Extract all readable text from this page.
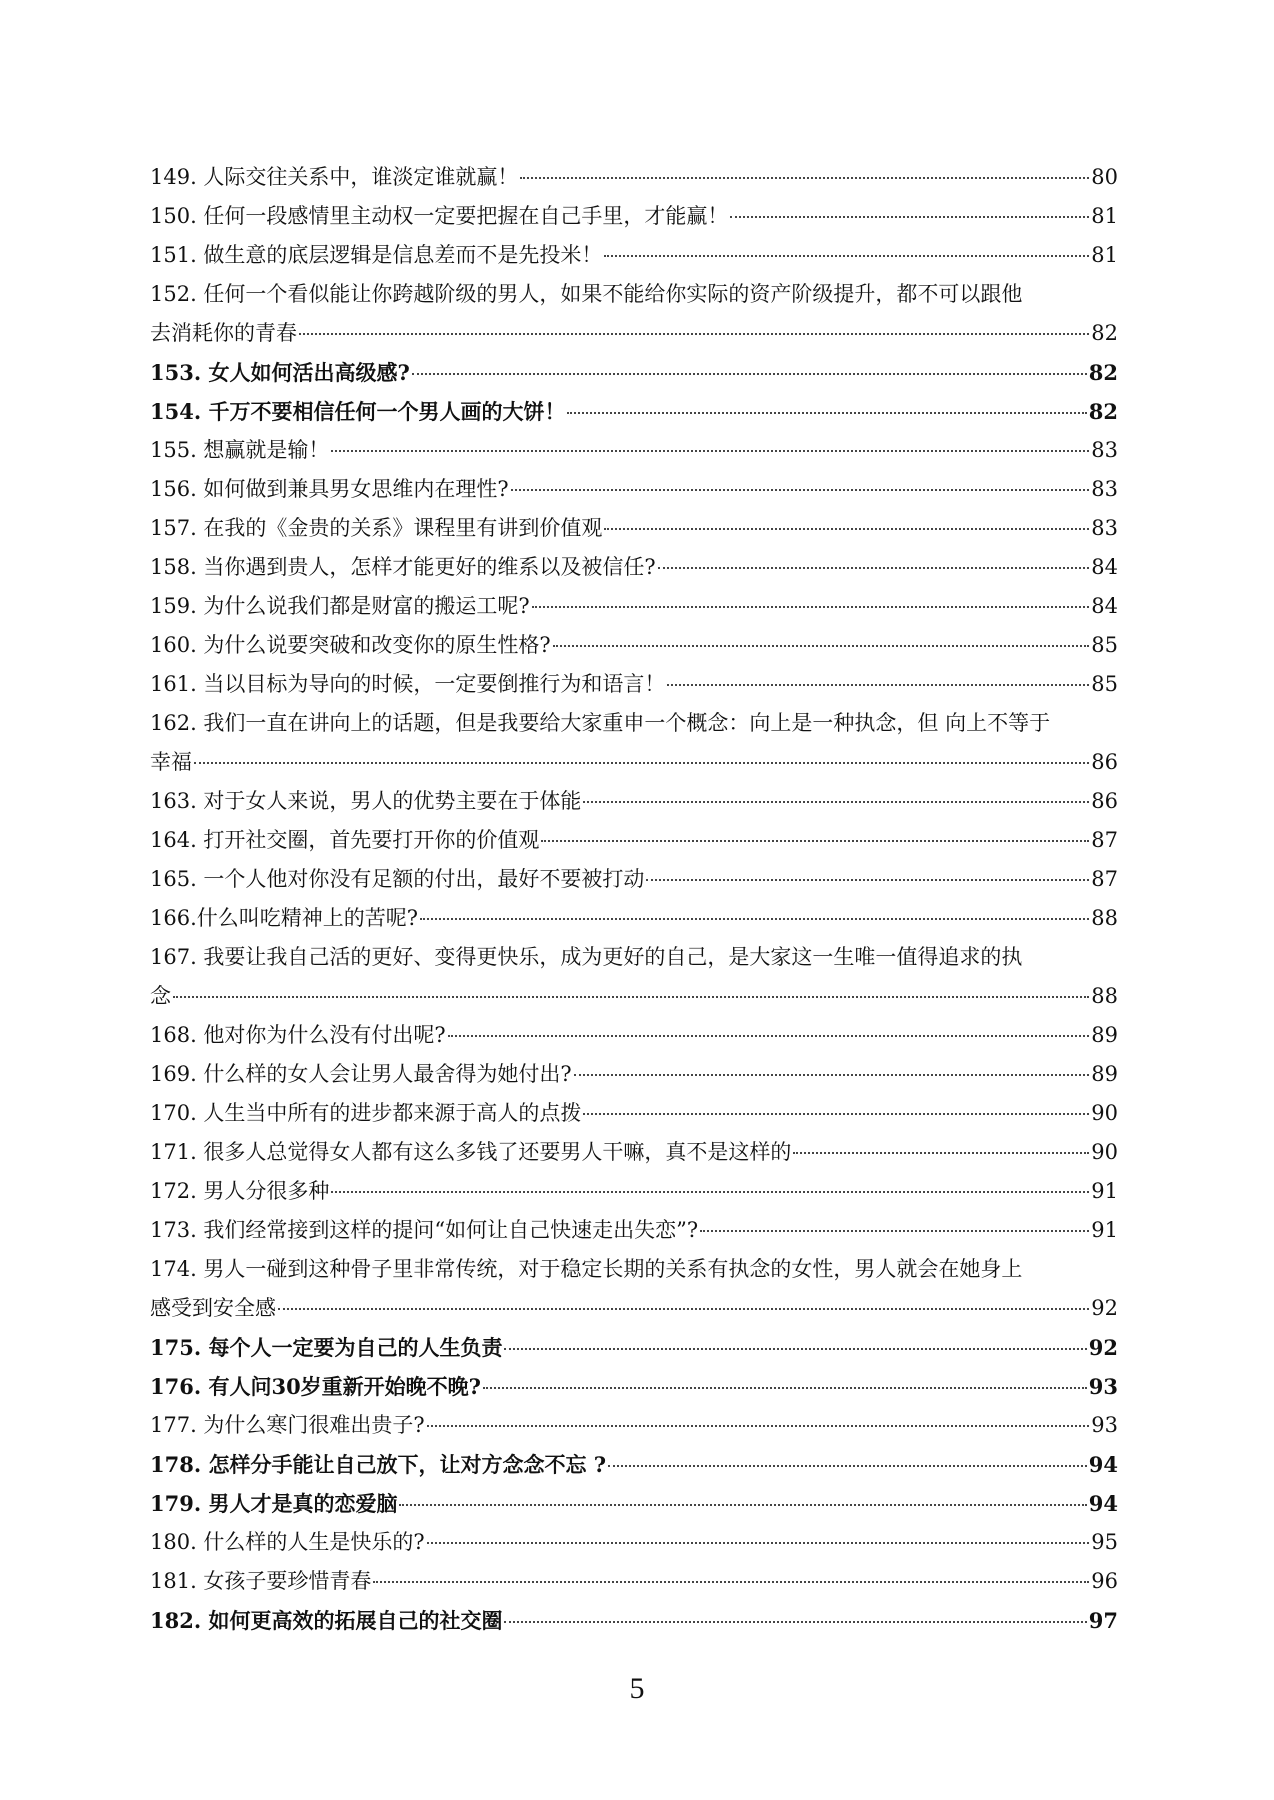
149. 人际交往关系中，谁淡定谁就赢！	80
150. 任何一段感情里主动权一定要把握在自己手里，才能赢！	81
151. 做生意的底层逻辑是信息差而不是先投米！	81
152. 任何一个看似能让你跨越阶级的男人，如果不能给你实际的资产阶级提升，都不可以跟他
去消耗你的青春	82
153. 女人如何活出高级感?	82
154. 千万不要相信任何一个男人画的大饼！	82
155. 想赢就是输！	83
156. 如何做到兼具男女思维内在理性?	83
157. 在我的《金贵的关系》课程里有讲到价值观	83
158. 当你遇到贵人，怎样才能更好的维系以及被信任?	84
159. 为什么说我们都是财富的搬运工呢?	84
160. 为什么说要突破和改变你的原生性格?	85
161. 当以目标为导向的时候，一定要倒推行为和语言！	85
162. 我们一直在讲向上的话题，但是我要给大家重申一个概念：向上是一种执念，但 向上不等于
幸福	86
163. 对于女人来说，男人的优势主要在于体能	86
164. 打开社交圈，首先要打开你的价值观	87
165. 一个人他对你没有足额的付出，最好不要被打动	87
166.什么叫吃精神上的苦呢?	88
167. 我要让我自己活的更好、变得更快乐，成为更好的自己，是大家这一生唯一值得追求的执
念	88
168. 他对你为什么没有付出呢?	89
169. 什么样的女人会让男人最舍得为她付出?	89
170. 人生当中所有的进步都来源于高人的点拨	90
171. 很多人总觉得女人都有这么多钱了还要男人干嘛，真不是这样的	90
172. 男人分很多种	91
173. 我们经常接到这样的提问“如何让自己快速走出失恋”?	91
174. 男人一碰到这种骨子里非常传统，对于稳定长期的关系有执念的女性，男人就会在她身上
感受到安全感	92
175. 每个人一定要为自己的人生负责	92
176. 有人问30岁重新开始晚不晚?	93
177. 为什么寒门很难出贵子?	93
178. 怎样分手能让自己放下，让对方念念不忘 ?	94
179. 男人才是真的恋爱脑	94
180. 什么样的人生是快乐的?	95
181. 女孩子要珍惜青春	96
182. 如何更高效的拓展自己的社交圈	97
5
